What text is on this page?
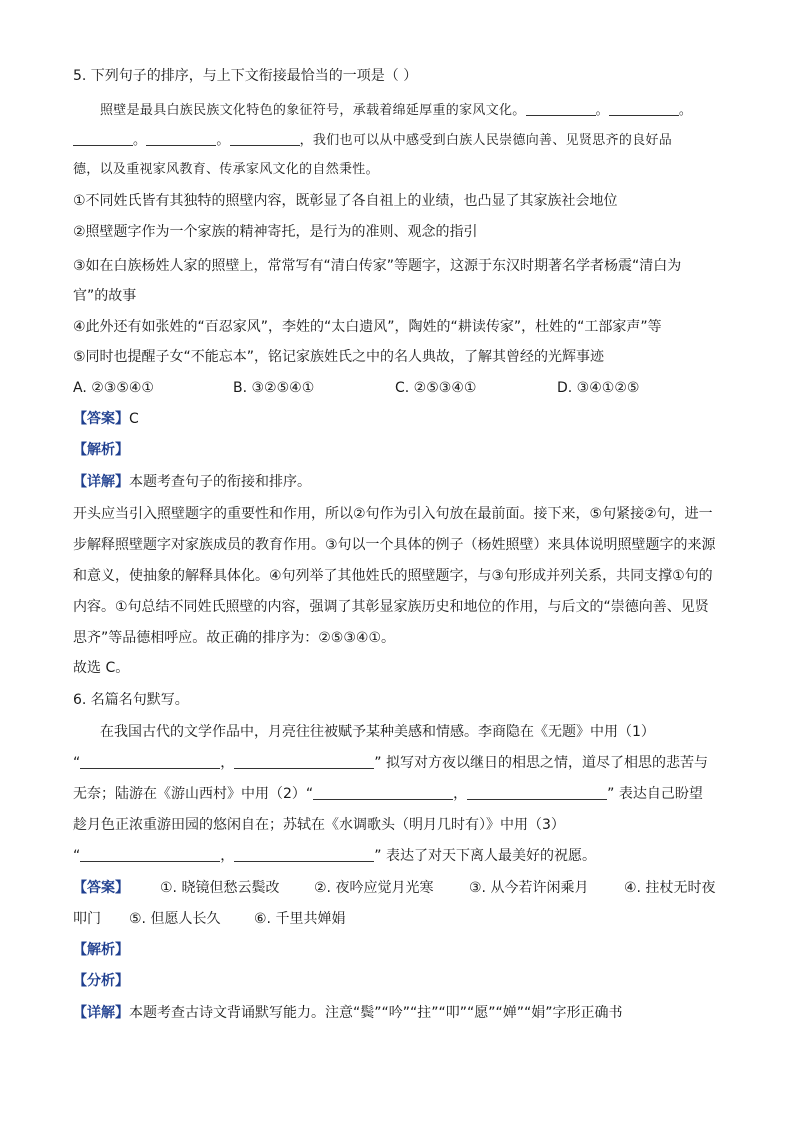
5. 下列句子的排序，与上下文衔接最恰当的一项是（ ）
照壁是最具白族民族文化特色的象征符号，承载着绵延厚重的家风文化。	。	。
。	。	，我们也可以从中感受到白族人民崇德向善、见贤思齐的良好品
德，以及重视家风教育、传承家风文化的自然秉性。
①不同姓氏皆有其独特的照壁内容，既彰显了各自祖上的业绩，也凸显了其家族社会地位
②照壁题字作为一个家族的精神寄托，是行为的准则、观念的指引
③如在白族杨姓人家的照壁上，常常写有“清白传家”等题字，这源于东汉时期著名学者杨震“清白为
官”的故事
④此外还有如张姓的“百忍家风”，李姓的“太白遗风”，陶姓的“耕读传家”，杜姓的“工部家声”等
⑤同时也提醒子女“不能忘本”，铭记家族姓氏之中的名人典故，了解其曾经的光辉事迹
A. ②③⑤④①	B. ③②⑤④①	C. ②⑤③④①	D. ③④①②⑤
【答案】C
【解析】
【详解】本题考查句子的衔接和排序。
开头应当引入照壁题字的重要性和作用，所以②句作为引入句放在最前面。接下来，⑤句紧接②句，进一
步解释照壁题字对家族成员的教育作用。③句以一个具体的例子（杨姓照壁）来具体说明照壁题字的来源
和意义，使抽象的解释具体化。④句列举了其他姓氏的照壁题字，与③句形成并列关系，共同支撑①句的
内容。①句总结不同姓氏照壁的内容，强调了其彰显家族历史和地位的作用，与后文的“崇德向善、见贤
思齐”等品德相呼应。故正确的排序为：②⑤③④①。
故选 C。
6. 名篇名句默写。
在我国古代的文学作品中，月亮往往被赋予某种美感和情感。李商隐在《无题》中用（1）
“	，	” 拟写对方夜以继日的相思之情，道尽了相思的悲苦与
无奈；陆游在《游山西村》中用（2）“	，	” 表达自己盼望
趁月色正浓重游田园的悠闲自在；苏轼在《水调歌头（明月几时有）》中用（3）
“	，	” 表达了对天下离人最美好的祝愿。
【答案】 ①. 晓镜但愁云鬓改 ②. 夜吟应觉月光寒	③. 从今若许闲乘月	④. 拄杖无时夜
叩门 ⑤. 但愿人长久 ⑥. 千里共婵娟
【解析】
【分析】
【详解】本题考查古诗文背诵默写能力。注意“鬓”“吟”“拄”“叩”“愿”“婵”“娟”字形正确书
